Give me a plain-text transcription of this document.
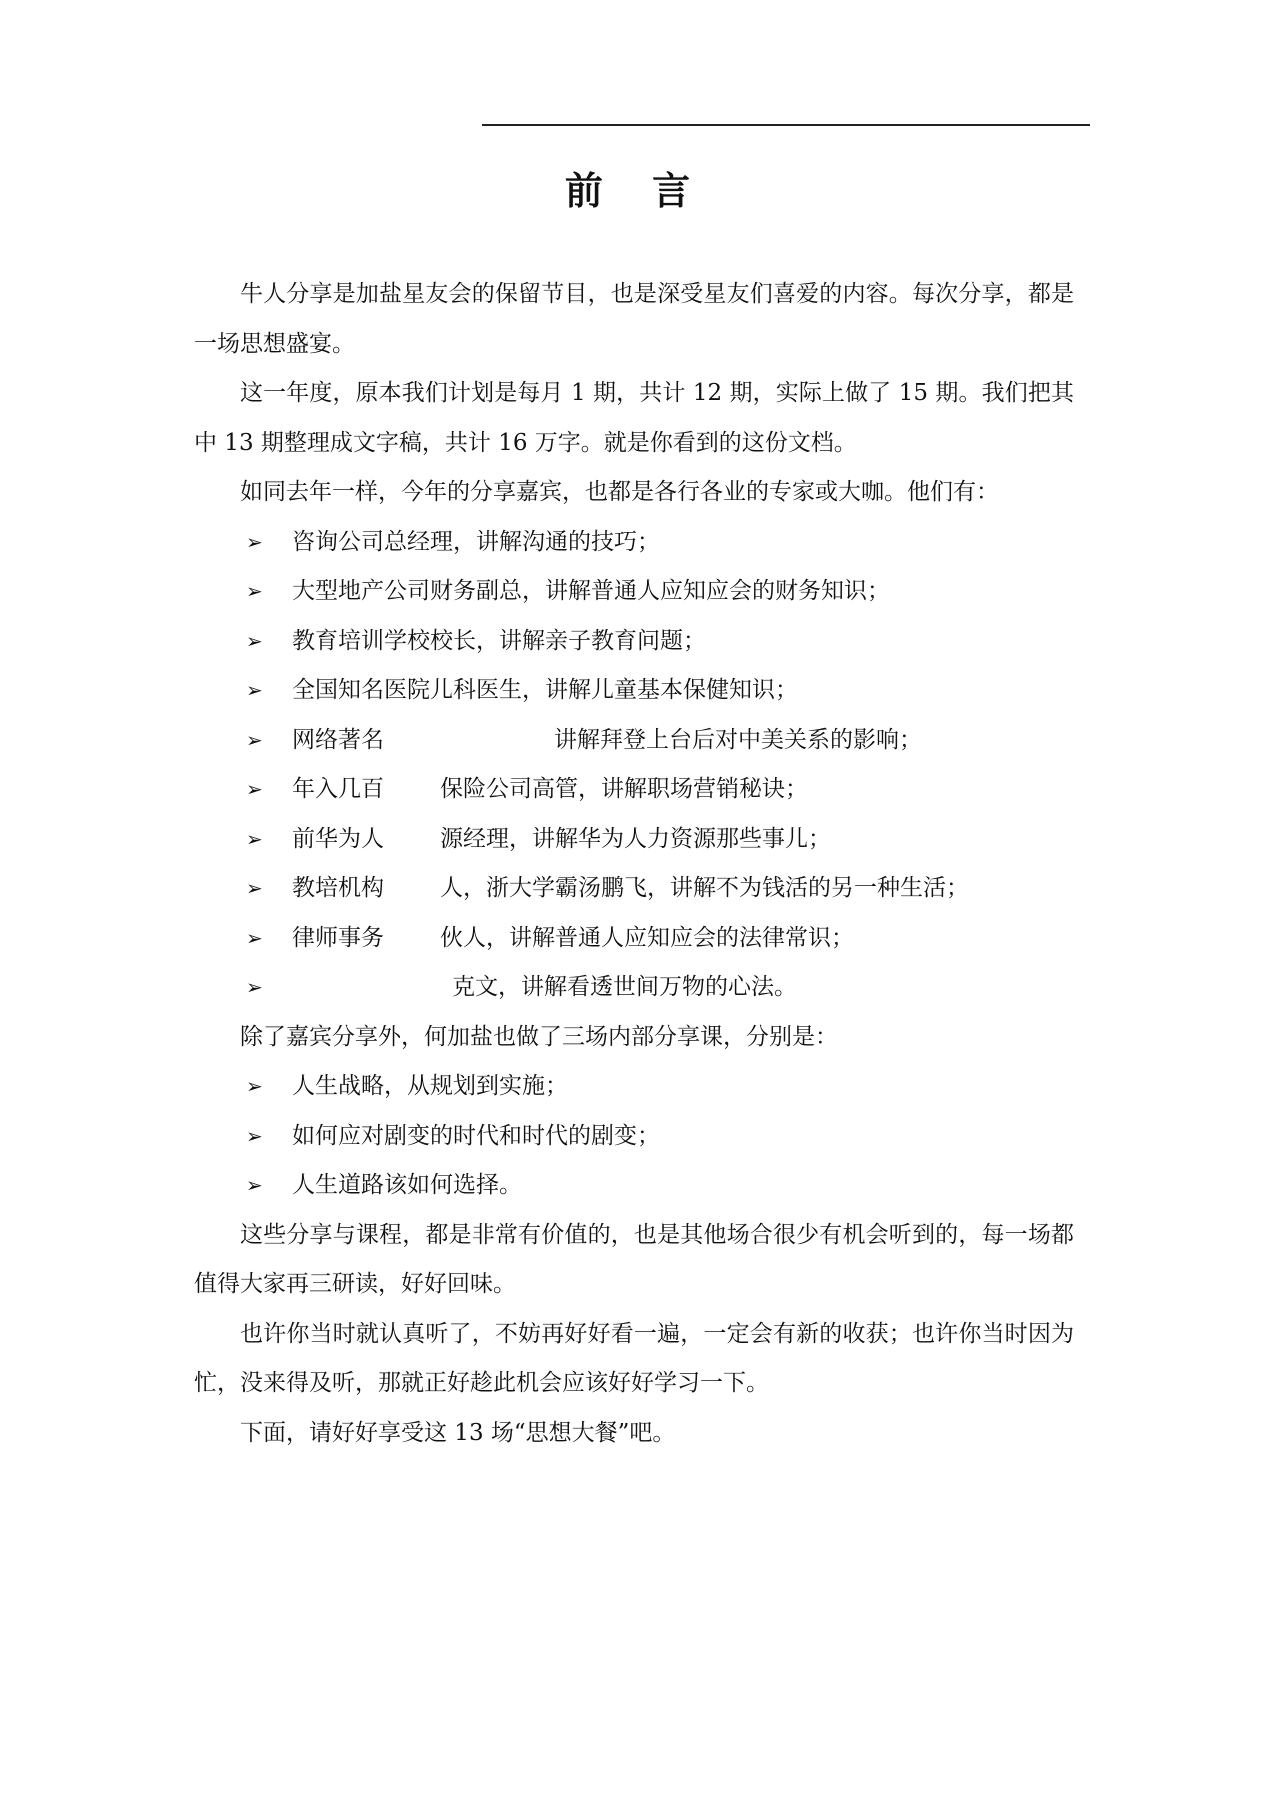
前 言

牛人分享是加盐星友会的保留节目，也是深受星友们喜爱的内容。每次分享，都是一场思想盛宴。

这一年度，原本我们计划是每月 1 期，共计 12 期，实际上做了 15 期。我们把其中 13 期整理成文字稿，共计 16 万字。就是你看到的这份文档。

如同去年一样，今年的分享嘉宾，也都是各行各业的专家或大咖。他们有：

➢ 咨询公司总经理，讲解沟通的技巧；
➢ 大型地产公司财务副总，讲解普通人应知应会的财务知识；
➢ 教育培训学校校长，讲解亲子教育问题；
➢ 全国知名医院儿科医生，讲解儿童基本保健知识；
➢ 网络著名	讲解拜登上台后对中美关系的影响；
➢ 年入几百 保险公司高管，讲解职场营销秘诀；
➢ 前华为人 源经理，讲解华为人力资源那些事儿；
➢ 教培机构 人，浙大学霸汤鹏飞，讲解不为钱活的另一种生活；
➢ 律师事务 伙人，讲解普通人应知应会的法律常识；
➢	克文，讲解看透世间万物的心法。

除了嘉宾分享外，何加盐也做了三场内部分享课，分别是：

➢ 人生战略，从规划到实施；
➢ 如何应对剧变的时代和时代的剧变；
➢ 人生道路该如何选择。

这些分享与课程，都是非常有价值的，也是其他场合很少有机会听到的，每一场都值得大家再三研读，好好回味。

也许你当时就认真听了，不妨再好好看一遍，一定会有新的收获；也许你当时因为忙，没来得及听，那就正好趁此机会应该好好学习一下。

下面，请好好享受这 13 场“思想大餐”吧。
